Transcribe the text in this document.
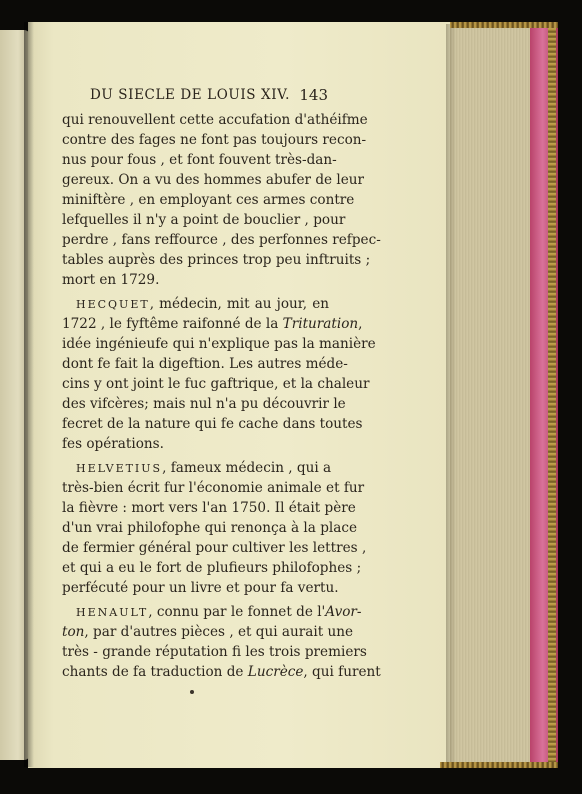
DU SIECLE DE LOUIS XIV. 143
qui renouvellent cette accufation d'athéifme
contre des fages ne font pas toujours recon-
nus pour fous , et font fouvent très-dan-
gereux. On a vu des hommes abufer de leur
miniftère , en employant ces armes contre
lefquelles il n'y a point de bouclier , pour
perdre , fans reffource , des perfonnes refpec-
tables auprès des princes trop peu inftruits ;
mort en 1729.
HECQUET, médecin, mit au jour, en
1722 , le fyftême raifonné de la Trituration,
idée ingénieufe qui n'explique pas la manière
dont fe fait la digeftion. Les autres méde-
cins y ont joint le fuc gaftrique, et la chaleur
des vifcères; mais nul n'a pu découvrir le
fecret de la nature qui fe cache dans toutes
fes opérations.
HELVETIUS, fameux médecin , qui a
très-bien écrit fur l'économie animale et fur
la fièvre : mort vers l'an 1750. Il était père
d'un vrai philofophe qui renonça à la place
de fermier général pour cultiver les lettres ,
et qui a eu le fort de plufieurs philofophes ;
perfécuté pour un livre et pour fa vertu.
HENAULT, connu par le fonnet de l'Avor-
ton, par d'autres pièces , et qui aurait une
très - grande réputation fi les trois premiers
chants de fa traduction de Lucrèce, qui furent
